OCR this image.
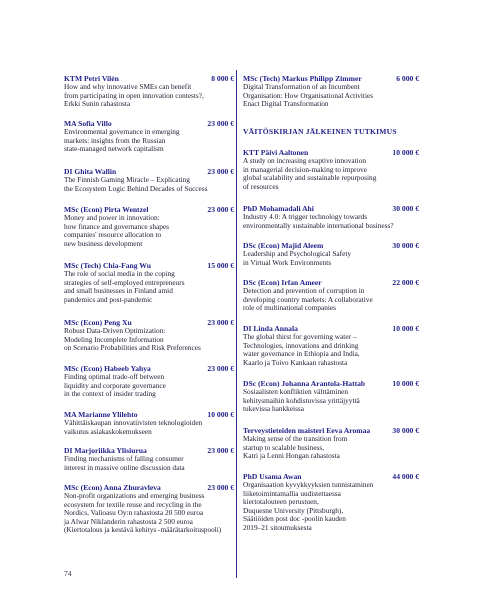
KTM Petri Vilén	8 000 €
How and why innovative SMEs can benefit
from participating in open innovation contests?,
Erkki Sunin rahastosta
MA Sofia Villo	23 000 €
Environmental governance in emerging
markets: insights from the Russian
state-managed network capitalism
DI Ghita Wallin	23 000 €
The Finnish Gaming Miracle – Explicating
the Ecosystem Logic Behind Decades of Success
MSc (Econ) Pirta Wentzel	23 000 €
Money and power in innovation:
how finance and governance shapes
companies' resource allocation to
new business development
MSc (Tech) Chia-Fang Wu	15 000 €
The role of social media in the coping
strategies of self-employed entrepreneurs
and small businesses in Finland amid
pandemics and post-pandemic
MSc (Econ) Peng Xu	23 000 €
Robust Data-Driven Optimization:
Modeling Incomplete Information
on Scenario Probabilities and Risk Preferences
MSc (Econ) Habeeb Yahya	23 000 €
Finding optimal trade-off between
liquidity and corporate governance
in the context of insider trading
MA Marianne Ylilehto	10 000 €
Vähittäiskaupan innovatiivisten teknologioiden
vaikutus asiakaskokemukseen
DI Marjoriikka Ylisiurua	23 000 €
Finding mechanisms of falling consumer
interest in massive online discussion data
MSc (Econ) Anna Zhuravleva	23 000 €
Non-profit organizations and emerging business
ecosystem for textile reuse and recycling in the
Nordics, Valioasu Oy:n rahastosta 20 500 euroa
ja Alwar Niklanderin rahastosta 2 500 euroa
(Kiertotalous ja kestävä kehitys -määrätarkoituspooli)
MSc (Tech) Markus Philipp Zimmer	6 000 €
Digital Transformation of an Incumbent
Organisation: How Organisational Activities
Enact Digital Transformation
VÄITÖSKIRJAN JÄLKEINEN TUTKIMUS
KTT Päivi Aaltonen	10 000 €
A study on increasing exaptive innovation
in managerial decision-making to improve
global scalability and sustainable repurposing
of resources
PhD Mohamadali Ahi	30 000 €
Industry 4.0: A trigger technology towards
environmentally sustainable international business?
DSc (Econ) Majid Aleem	30 000 €
Leadership and Psychological Safety
in Virtual Work Environments
DSc (Econ) Irfan Ameer	22 000 €
Detection and prevention of corruption in
developing country markets: A collaborative
role of multinational companies
DI Linda Annala	10 000 €
The global thirst for governing water –
Technologies, innovations and drinking
water governance in Ethiopia and India,
Kaarlo ja Toivo Kankaan rahastosta
DSc (Econ) Johanna Arantola-Hattab	10 000 €
Sosiaalisten konfliktien välttäminen
kehitysmaihin kohdistuvissa yrittäjyyttä
tukevissa hankkeissa
Terveystieteiden maisteri Eeva Aromaa	30 000 €
Making sense of the transition from
startup to scalable business,
Katri ja Lenni Hongan rahastosta
PhD Usama Awan	44 000 €
Organisaation kyvykkyyksien tunnistaminen
liiketoimintamallia uudistettaessa
kiertotalouteen perustuen,
Duquesne University (Pittsburgh),
Säätiöiden post doc -poolin kauden
2019–21 sitoumuksesta
74
